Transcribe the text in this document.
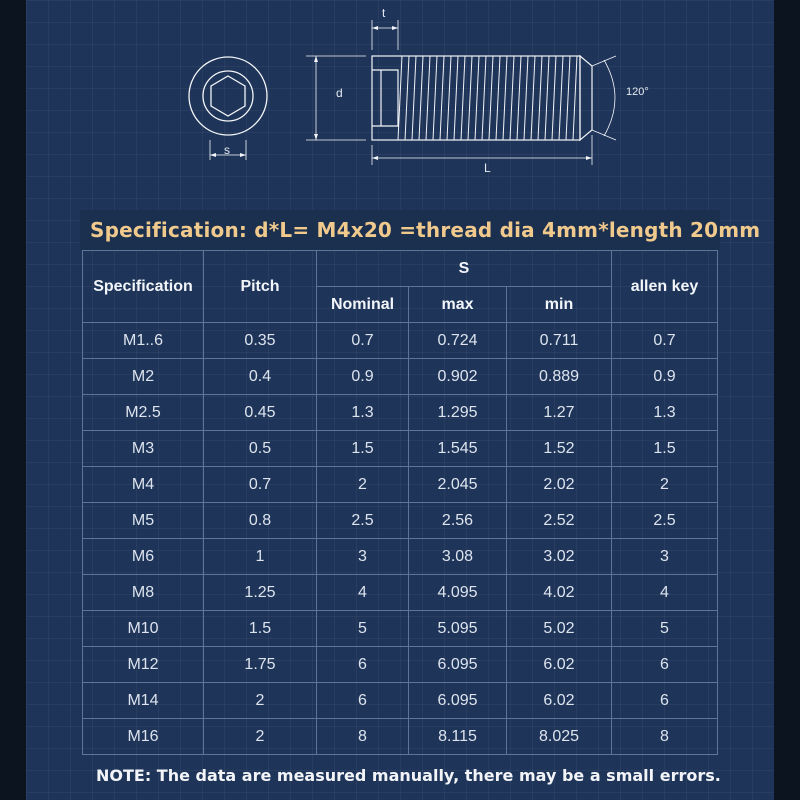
s
t
d
L
120°
Specification: d*L= M4x20 =thread dia 4mm*length 20mm
Specification	Pitch	S			allen key
		Nominal	max	min	
M1..6	0.35	0.7	0.724	0.711	0.7
M2	0.4	0.9	0.902	0.889	0.9
M2.5	0.45	1.3	1.295	1.27	1.3
M3	0.5	1.5	1.545	1.52	1.5
M4	0.7	2	2.045	2.02	2
M5	0.8	2.5	2.56	2.52	2.5
M6	1	3	3.08	3.02	3
M8	1.25	4	4.095	4.02	4
M10	1.5	5	5.095	5.02	5
M12	1.75	6	6.095	6.02	6
M14	2	6	6.095	6.02	6
M16	2	8	8.115	8.025	8
NOTE: The data are measured manually, there may be a small errors.
